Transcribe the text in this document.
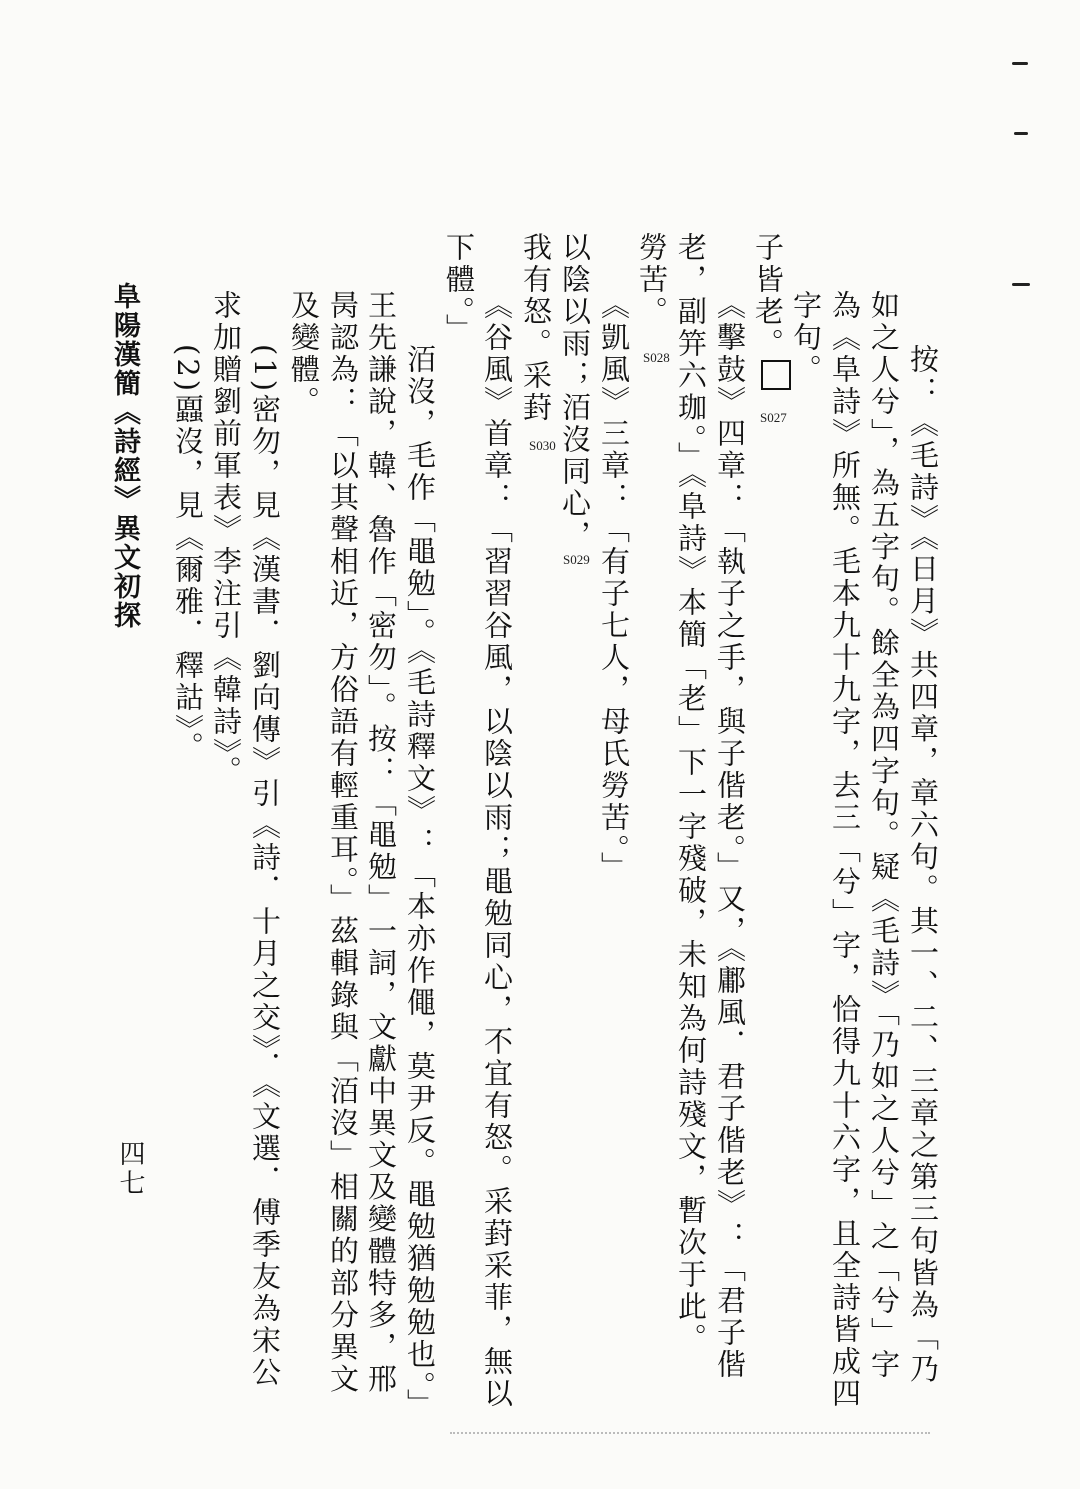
按：《毛詩》《日月》共四章，章六句。其一、二、三章之第三句皆為「乃
如之人兮」，為五字句。餘全為四字句。疑《毛詩》「乃如之人兮」之「兮」字
為《阜詩》所無。毛本九十九字，去三「兮」字，恰得九十六字，且全詩皆成四
字句。
子皆老。
S027
《擊鼓》四章：「執子之手，與子偕老。」又，《鄘風．君子偕老》：「君子偕
老，副笄六珈。」《阜詩》本簡「老」下一字殘破，未知為何詩殘文，暫次于此。
勞苦。
S028
《凱風》三章：「有子七人，母氏勞苦。」
以陰以雨；洦沒同心，
S029
我有怒。采葑
S030
《谷風》首章：「習習谷風，以陰以雨；黽勉同心，不宜有怒。采葑采菲，無以
下體。」
洦沒，毛作「黽勉」。《毛詩釋文》：「本亦作僶，莫尹反。黽勉猶勉勉也。」
王先謙說，韓、魯作「密勿」。按：「黽勉」一詞，文獻中異文及變體特多，邢
昺認為：「以其聲相近，方俗語有輕重耳。」茲輯錄與「洦沒」相關的部分異文
及變體。
(1)密勿，見《漢書．劉向傳》引《詩．十月之交》．《文選．傅季友為宋公
求加贈劉前軍表》李注引《韓詩》。
(2)蠠沒，見《爾雅．釋詁》。
阜陽漢簡《詩經》異文初探
四七
